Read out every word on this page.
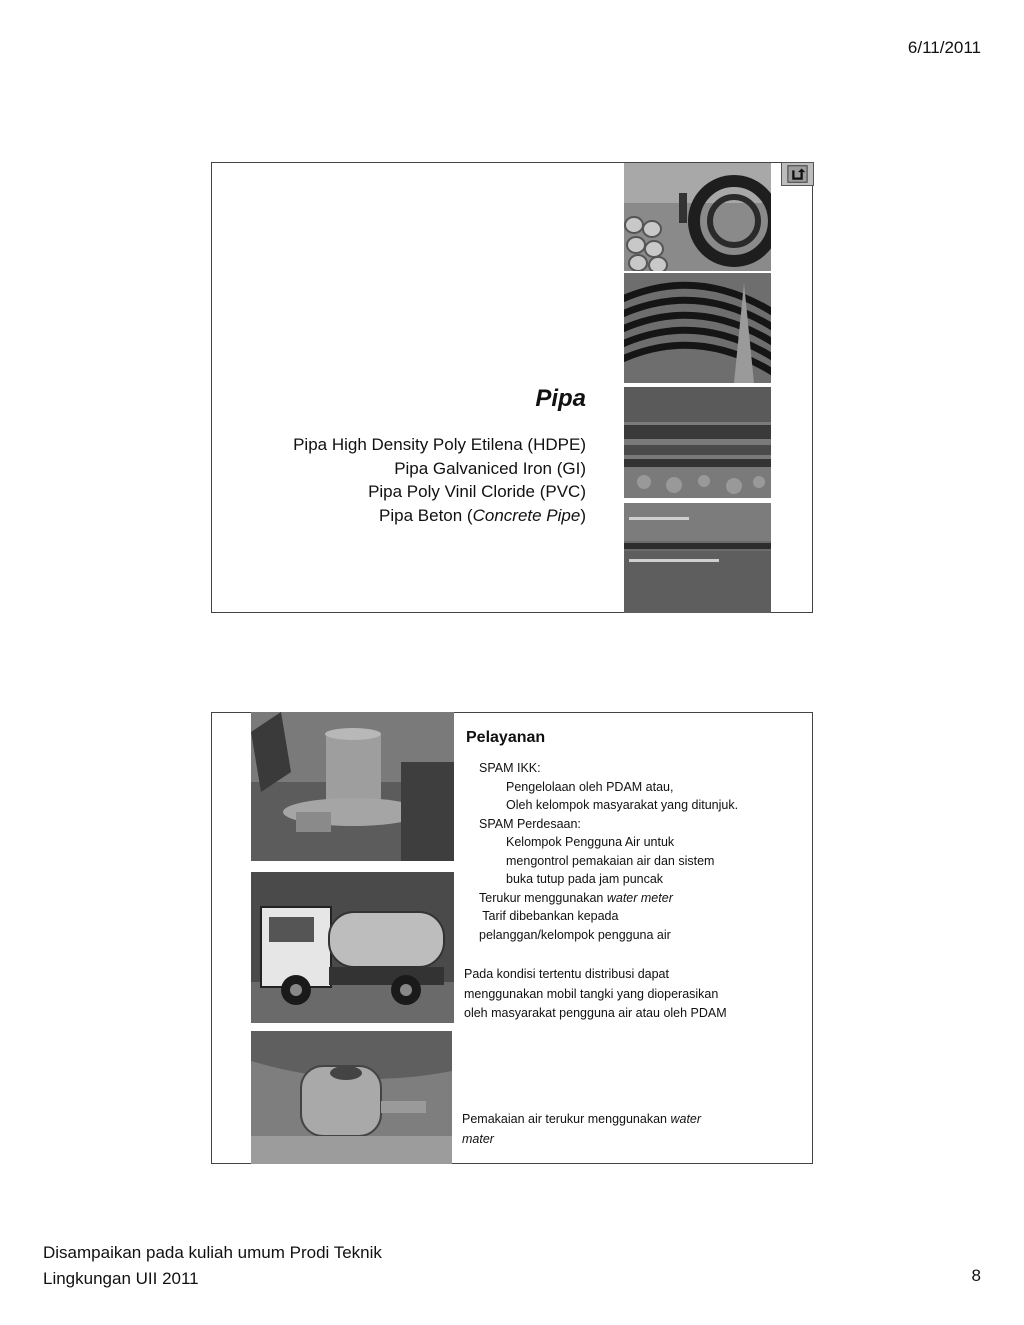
6/11/2011
Pipa
Pipa High Density Poly Etilena (HDPE)
Pipa Galvaniced Iron (GI)
Pipa Poly Vinil Cloride (PVC)
Pipa Beton (Concrete Pipe)
Pelayanan
SPAM IKK:
Pengelolaan oleh PDAM atau,
Oleh kelompok masyarakat yang ditunjuk.
SPAM Perdesaan:
Kelompok Pengguna Air untuk
mengontrol pemakaian air dan sistem
buka tutup pada jam puncak
Terukur menggunakan water meter
Tarif dibebankan kepada
pelanggan/kelompok pengguna air
Pada kondisi tertentu distribusi dapat
menggunakan mobil tangki yang dioperasikan
oleh masyarakat pengguna air atau oleh PDAM
Pemakaian air terukur menggunakan water
mater
Disampaikan pada kuliah umum Prodi Teknik
Lingkungan UII 2011	8
